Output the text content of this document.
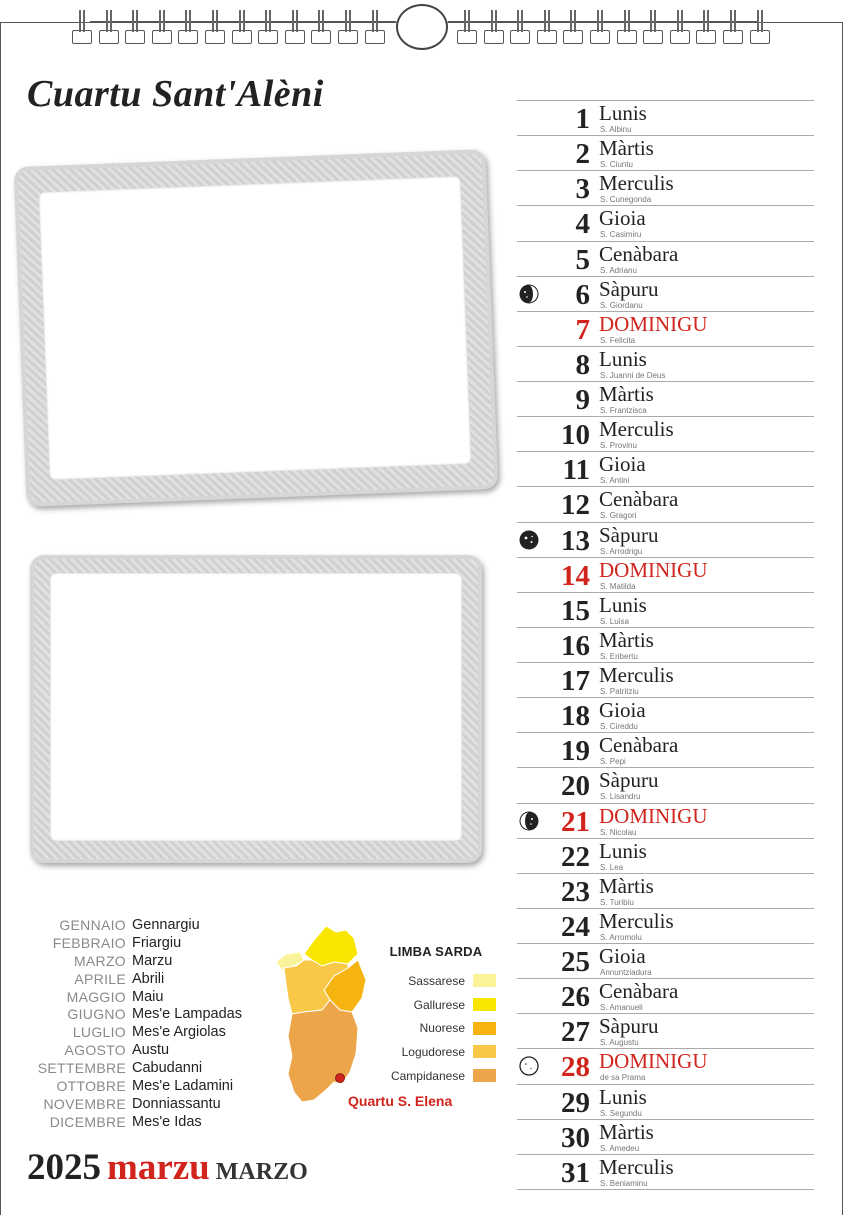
Cuartu Sant'Alèni
GENNAIO Gennargiu
FEBBRAIO Friargiu
MARZO Marzu
APRILE Abrili
MAGGIO Maiu
GIUGNO Mes'e Lampadas
LUGLIO Mes'e Argiolas
AGOSTO Austu
SETTEMBRE Cabudanni
OTTOBRE Mes'e Ladamini
NOVEMBRE Donniassantu
DICEMBRE Mes'e Idas
Quartu S. Elena
LIMBA SARDA
Sassarese
Gallurese
Nuorese
Logudorese
Campidanese
2025 marzu MARZO
1 Lunis
S. Albinu
2 Màrtis
S. Ciuntu
3 Merculis
S. Cunegonda
4 Gioia
S. Casimiru
5 Cenàbara
S. Adrianu
6 Sàpuru
S. Giordanu
7 DOMINIGU
S. Felicita
8 Lunis
S. Juanni de Deus
9 Màrtis
S. Frantzisca
10 Merculis
S. Provinu
11 Gioia
S. Antini
12 Cenàbara
S. Gragori
13 Sàpuru
S. Arrodrigu
14 DOMINIGU
S. Matilda
15 Lunis
S. Luisa
16 Màrtis
S. Eribertu
17 Merculis
S. Patritziu
18 Gioia
S. Cireddu
19 Cenàbara
S. Pepi
20 Sàpuru
S. Lisandru
21 DOMINIGU
S. Nicolau
22 Lunis
S. Lea
23 Màrtis
S. Turibiu
24 Merculis
S. Arromolu
25 Gioia
Annuntziadura
26 Cenàbara
S. Amanueli
27 Sàpuru
S. Augustu
28 DOMINIGU
de sa Prama
29 Lunis
S. Segundu
30 Màrtis
S. Amedeu
31 Merculis
S. Beniaminu
